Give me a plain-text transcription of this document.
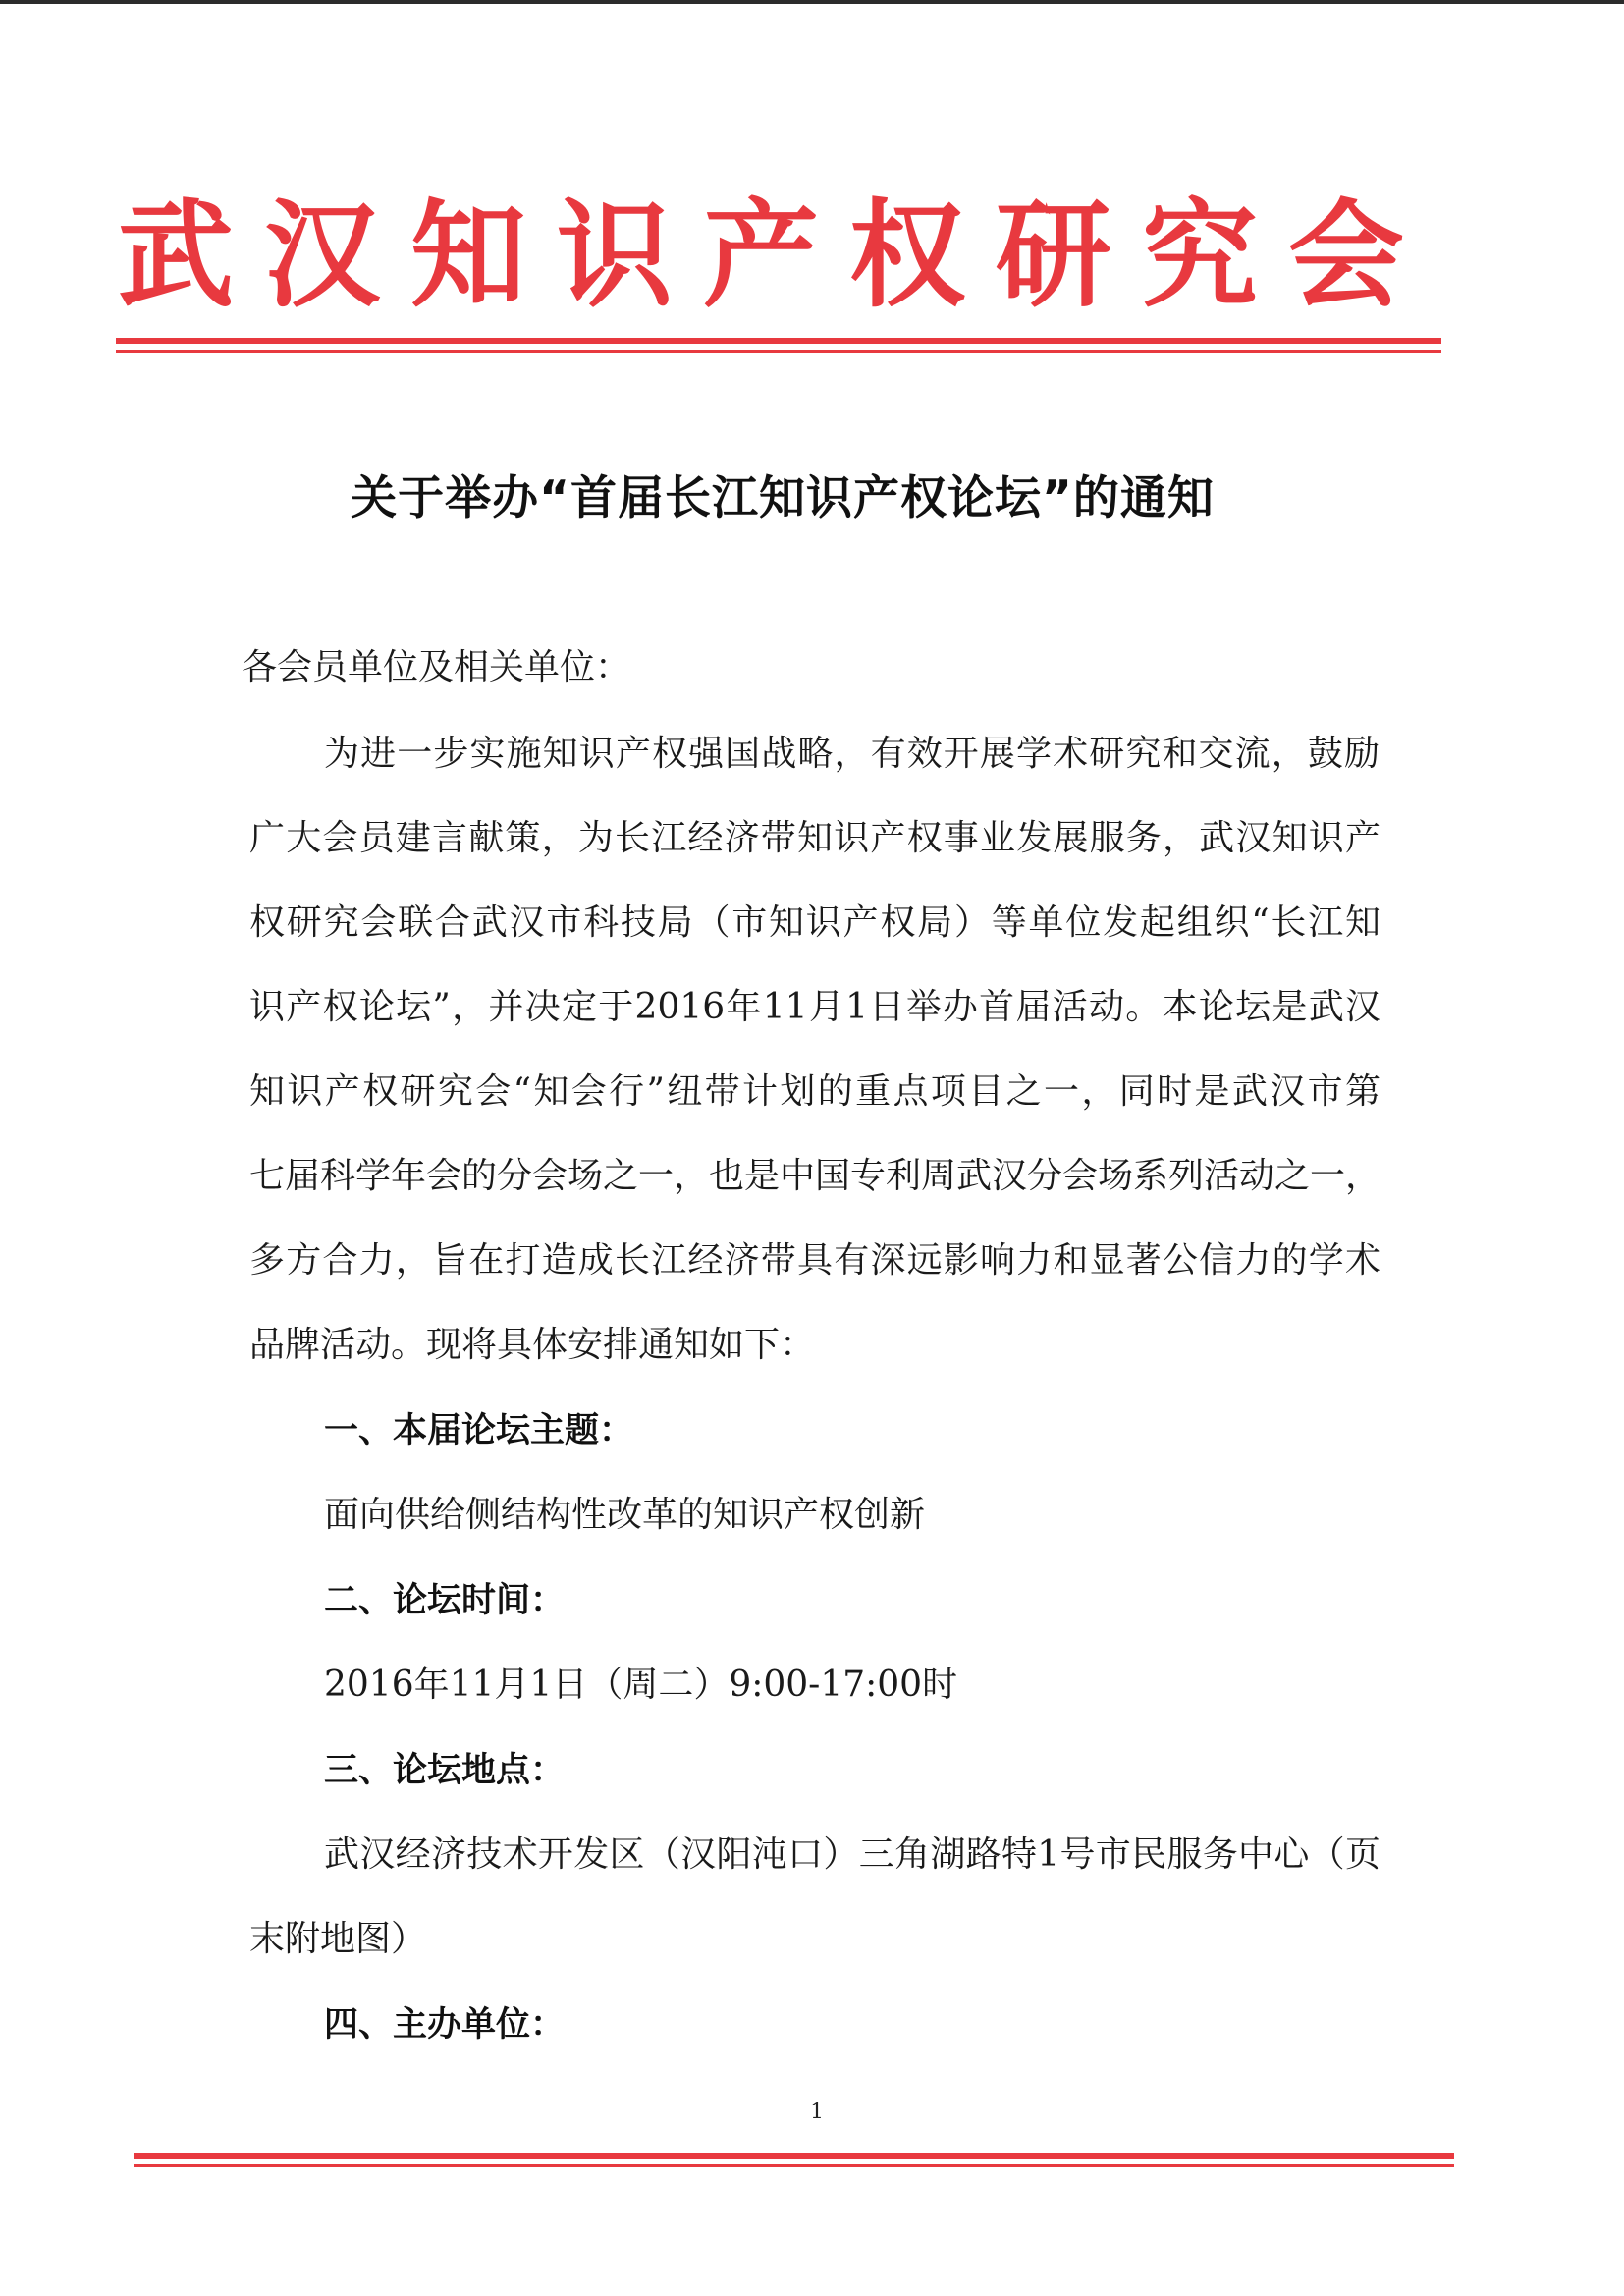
武 汉 知 识 产 权 研 究 会
关于举办“首届长江知识产权论坛”的通知
各会员单位及相关单位：
为进一步实施知识产权强国战略，有效开展学术研究和交流，鼓励
广大会员建言献策，为长江经济带知识产权事业发展服务，武汉知识产
权研究会联合武汉市科技局（市知识产权局）等单位发起组织“长江知
识产权论坛”，并决定于2016年11月1日举办首届活动。本论坛是武汉
知识产权研究会“知会行”纽带计划的重点项目之一，同时是武汉市第
七届科学年会的分会场之一，也是中国专利周武汉分会场系列活动之一，
多方合力，旨在打造成长江经济带具有深远影响力和显著公信力的学术
品牌活动。现将具体安排通知如下：
一、本届论坛主题：
面向供给侧结构性改革的知识产权创新
二、论坛时间：
2016年11月1日（周二）9:00-17:00时
三、论坛地点：
武汉经济技术开发区（汉阳沌口）三角湖路特1号市民服务中心（页
末附地图）
四、主办单位：
1
